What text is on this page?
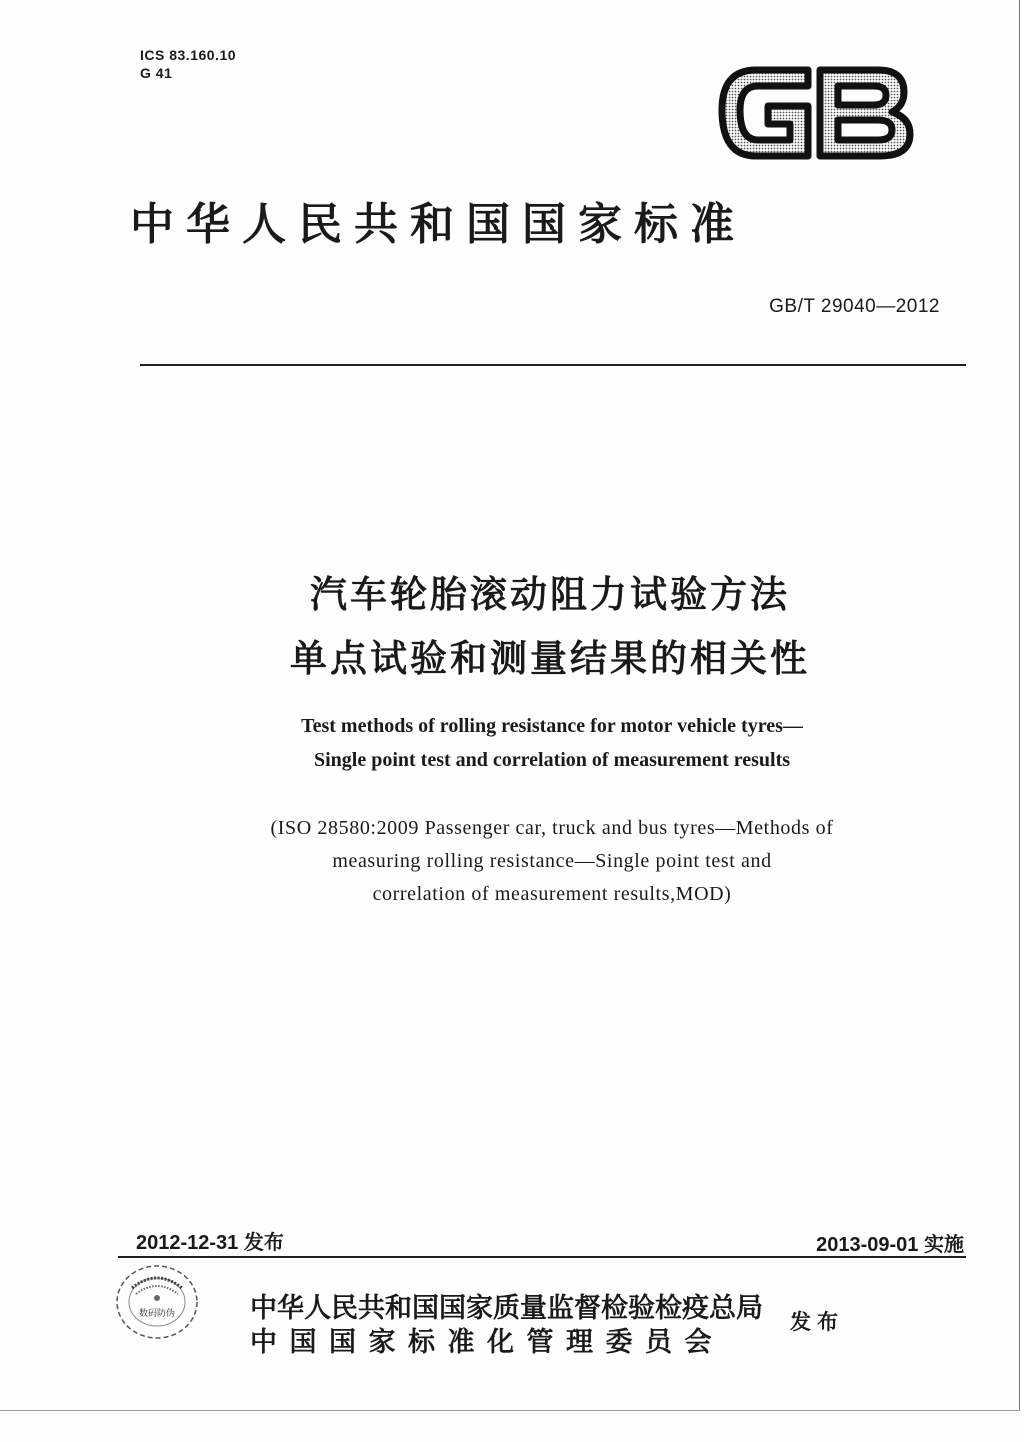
ICS 83.160.10
G 41
中华人民共和国国家标准
GB/T 29040—2012
汽车轮胎滚动阻力试验方法
单点试验和测量结果的相关性
Test methods of rolling resistance for motor vehicle tyres—
Single point test and correlation of measurement results
(ISO 28580:2009 Passenger car, truck and bus tyres—Methods of
measuring rolling resistance—Single point test and
correlation of measurement results,MOD)
2012-12-31 发布	2013-09-01 实施
数码防伪	中华人民共和国国家质量监督检验检疫总局
中国国家标准化管理委员会
发布
